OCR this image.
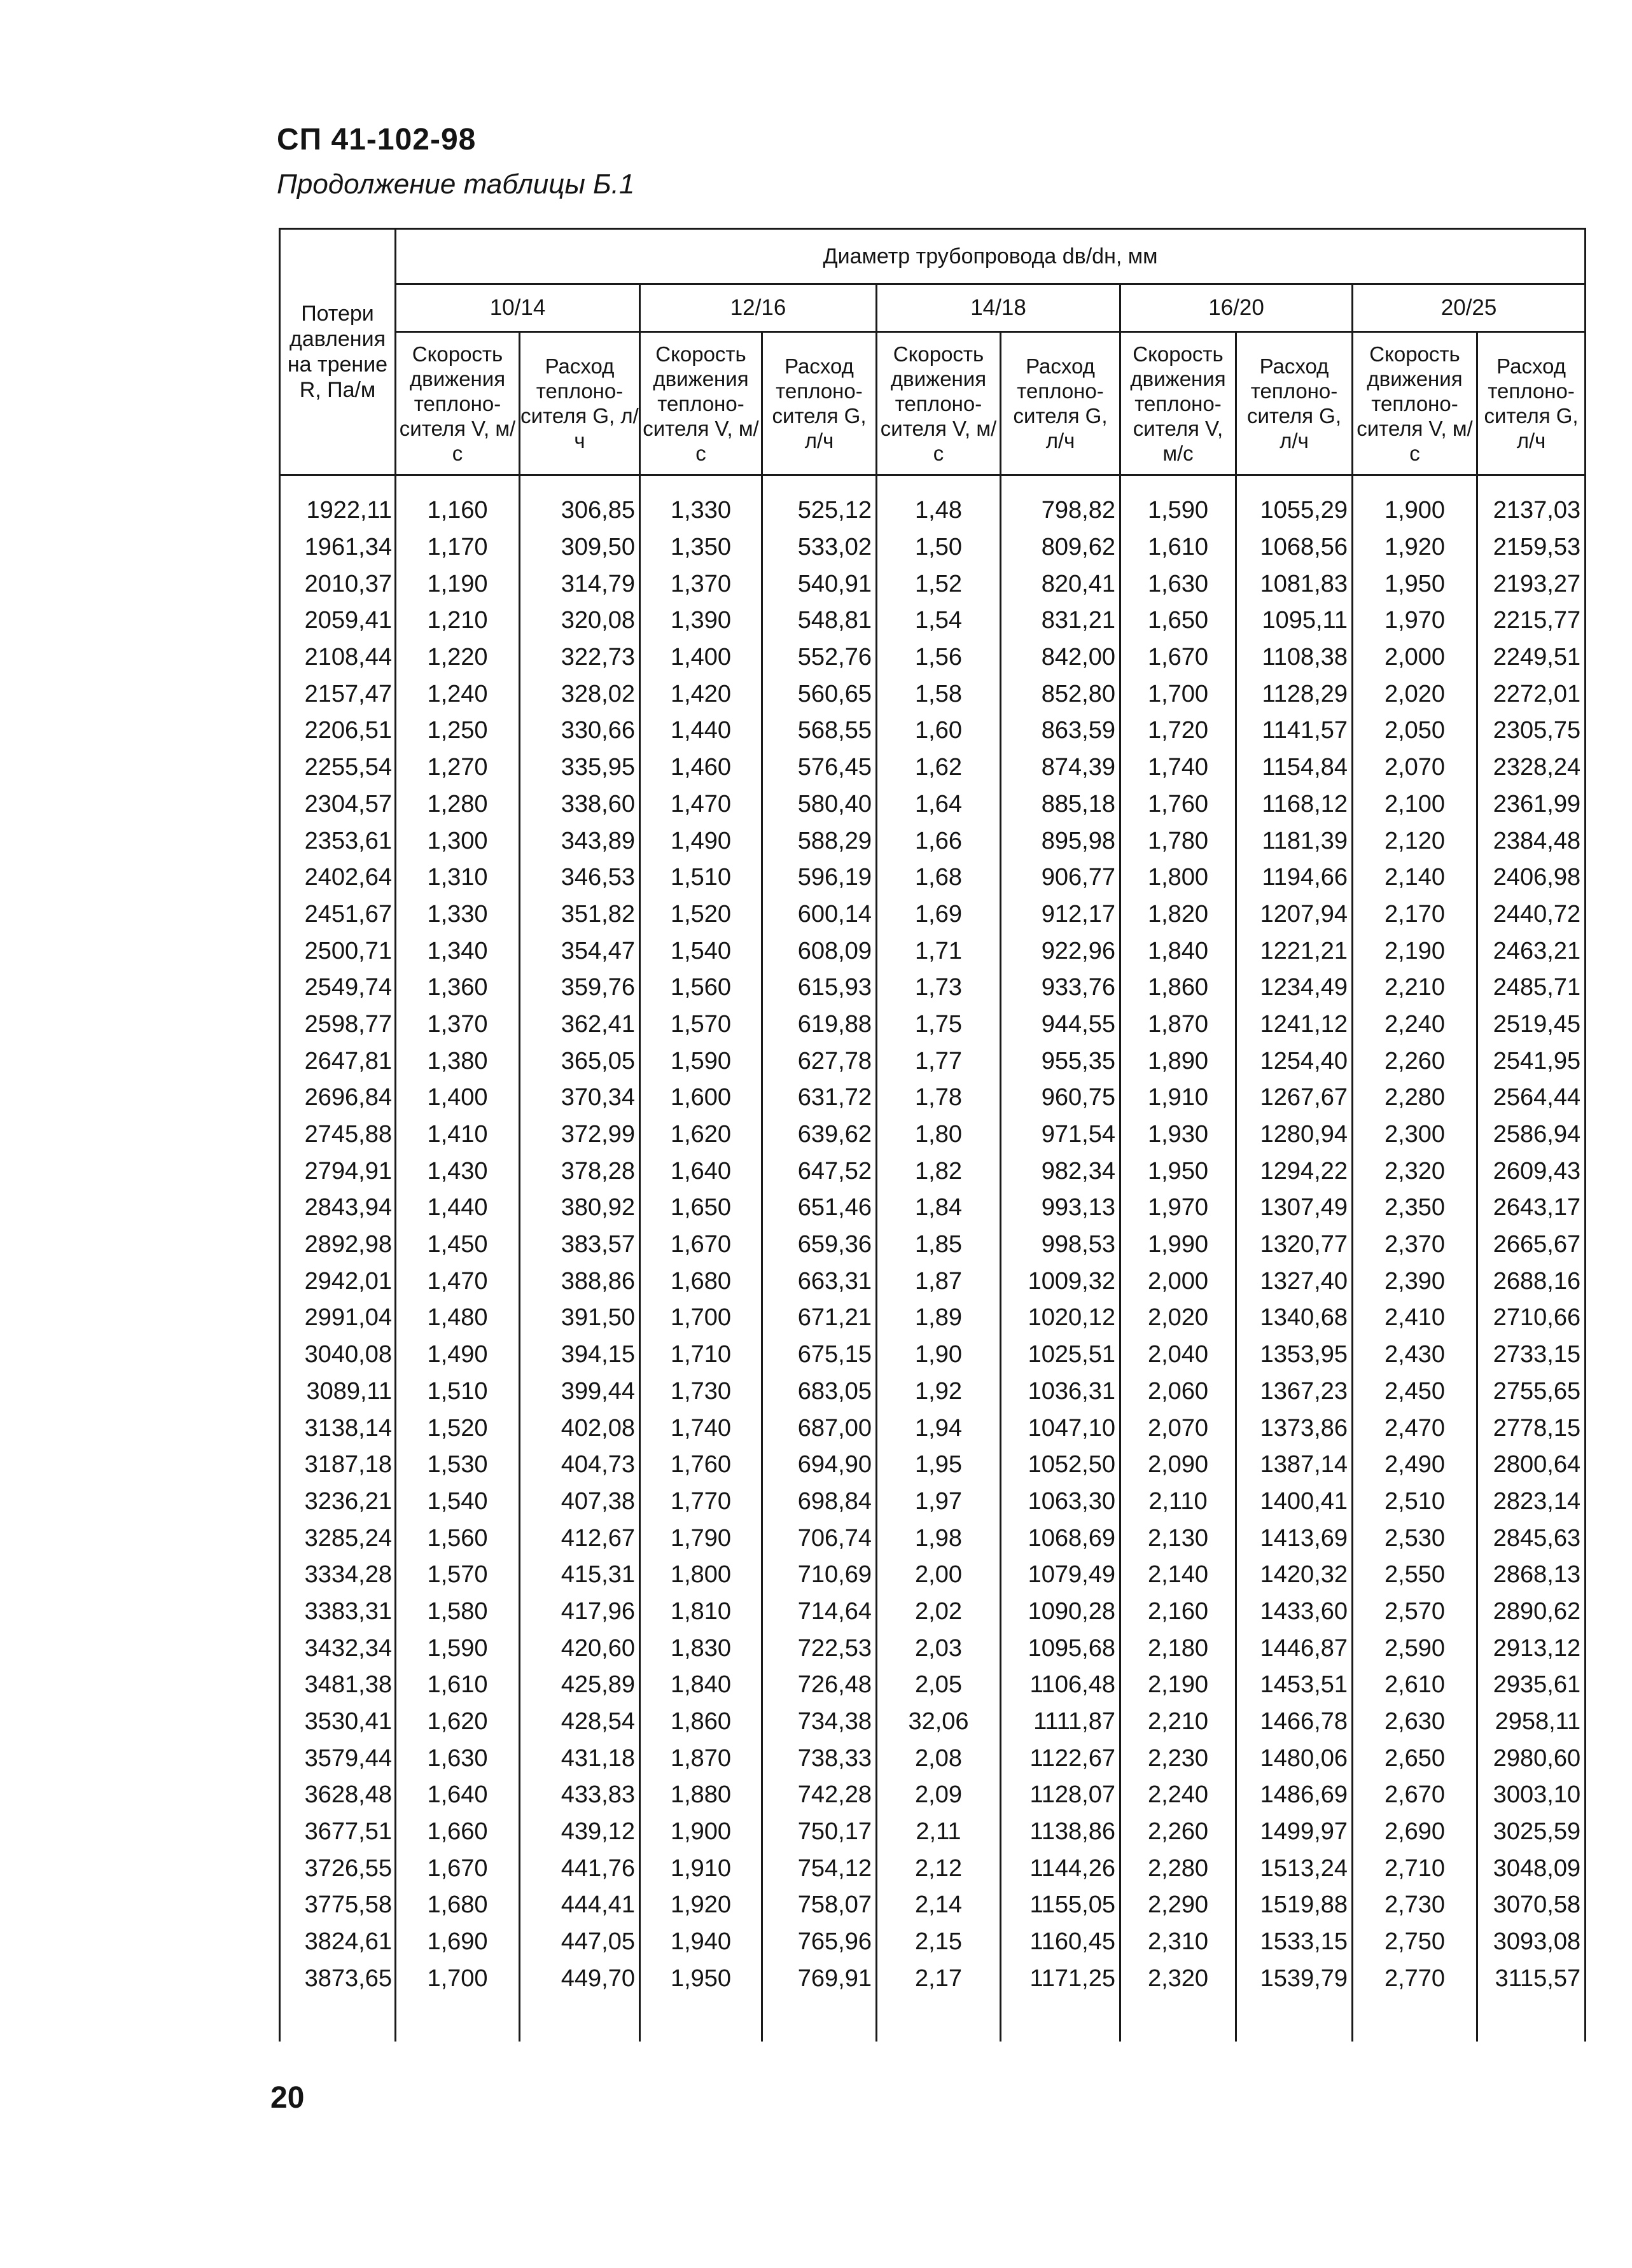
СП 41-102-98
Продолжение таблицы Б.1
Потери давления на трение R, Па/м	Диаметр трубопровода dв/dн, мм									
	10/14		12/16		14/18		16/20		20/25	
	Скорость движения теплоно-сителя V, м/с	Расход теплоно-сителя G, л/ч	Скорость движения теплоно-сителя V, м/с	Расход теплоно-сителя G, л/ч	Скорость движения теплоно-сителя V, м/с	Расход теплоно-сителя G, л/ч	Скорость движения теплоно-сителя V, м/с	Расход теплоно-сителя G, л/ч	Скорость движения теплоно-сителя V, м/с	Расход теплоно-сителя G, л/ч

1922,11	1,160	306,85	1,330	525,12	1,48	798,82	1,590	1055,29	1,900	2137,03
1961,34	1,170	309,50	1,350	533,02	1,50	809,62	1,610	1068,56	1,920	2159,53
2010,37	1,190	314,79	1,370	540,91	1,52	820,41	1,630	1081,83	1,950	2193,27
2059,41	1,210	320,08	1,390	548,81	1,54	831,21	1,650	1095,11	1,970	2215,77
2108,44	1,220	322,73	1,400	552,76	1,56	842,00	1,670	1108,38	2,000	2249,51
2157,47	1,240	328,02	1,420	560,65	1,58	852,80	1,700	1128,29	2,020	2272,01
2206,51	1,250	330,66	1,440	568,55	1,60	863,59	1,720	1141,57	2,050	2305,75
2255,54	1,270	335,95	1,460	576,45	1,62	874,39	1,740	1154,84	2,070	2328,24
2304,57	1,280	338,60	1,470	580,40	1,64	885,18	1,760	1168,12	2,100	2361,99
2353,61	1,300	343,89	1,490	588,29	1,66	895,98	1,780	1181,39	2,120	2384,48
2402,64	1,310	346,53	1,510	596,19	1,68	906,77	1,800	1194,66	2,140	2406,98
2451,67	1,330	351,82	1,520	600,14	1,69	912,17	1,820	1207,94	2,170	2440,72
2500,71	1,340	354,47	1,540	608,09	1,71	922,96	1,840	1221,21	2,190	2463,21
2549,74	1,360	359,76	1,560	615,93	1,73	933,76	1,860	1234,49	2,210	2485,71
2598,77	1,370	362,41	1,570	619,88	1,75	944,55	1,870	1241,12	2,240	2519,45
2647,81	1,380	365,05	1,590	627,78	1,77	955,35	1,890	1254,40	2,260	2541,95
2696,84	1,400	370,34	1,600	631,72	1,78	960,75	1,910	1267,67	2,280	2564,44
2745,88	1,410	372,99	1,620	639,62	1,80	971,54	1,930	1280,94	2,300	2586,94
2794,91	1,430	378,28	1,640	647,52	1,82	982,34	1,950	1294,22	2,320	2609,43
2843,94	1,440	380,92	1,650	651,46	1,84	993,13	1,970	1307,49	2,350	2643,17
2892,98	1,450	383,57	1,670	659,36	1,85	998,53	1,990	1320,77	2,370	2665,67
2942,01	1,470	388,86	1,680	663,31	1,87	1009,32	2,000	1327,40	2,390	2688,16
2991,04	1,480	391,50	1,700	671,21	1,89	1020,12	2,020	1340,68	2,410	2710,66
3040,08	1,490	394,15	1,710	675,15	1,90	1025,51	2,040	1353,95	2,430	2733,15
3089,11	1,510	399,44	1,730	683,05	1,92	1036,31	2,060	1367,23	2,450	2755,65
3138,14	1,520	402,08	1,740	687,00	1,94	1047,10	2,070	1373,86	2,470	2778,15
3187,18	1,530	404,73	1,760	694,90	1,95	1052,50	2,090	1387,14	2,490	2800,64
3236,21	1,540	407,38	1,770	698,84	1,97	1063,30	2,110	1400,41	2,510	2823,14
3285,24	1,560	412,67	1,790	706,74	1,98	1068,69	2,130	1413,69	2,530	2845,63
3334,28	1,570	415,31	1,800	710,69	2,00	1079,49	2,140	1420,32	2,550	2868,13
3383,31	1,580	417,96	1,810	714,64	2,02	1090,28	2,160	1433,60	2,570	2890,62
3432,34	1,590	420,60	1,830	722,53	2,03	1095,68	2,180	1446,87	2,590	2913,12
3481,38	1,610	425,89	1,840	726,48	2,05	1106,48	2,190	1453,51	2,610	2935,61
3530,41	1,620	428,54	1,860	734,38	32,06	1111,87	2,210	1466,78	2,630	2958,11
3579,44	1,630	431,18	1,870	738,33	2,08	1122,67	2,230	1480,06	2,650	2980,60
3628,48	1,640	433,83	1,880	742,28	2,09	1128,07	2,240	1486,69	2,670	3003,10
3677,51	1,660	439,12	1,900	750,17	2,11	1138,86	2,260	1499,97	2,690	3025,59
3726,55	1,670	441,76	1,910	754,12	2,12	1144,26	2,280	1513,24	2,710	3048,09
3775,58	1,680	444,41	1,920	758,07	2,14	1155,05	2,290	1519,88	2,730	3070,58
3824,61	1,690	447,05	1,940	765,96	2,15	1160,45	2,310	1533,15	2,750	3093,08
3873,65	1,700	449,70	1,950	769,91	2,17	1171,25	2,320	1539,79	2,770	3115,57

20
